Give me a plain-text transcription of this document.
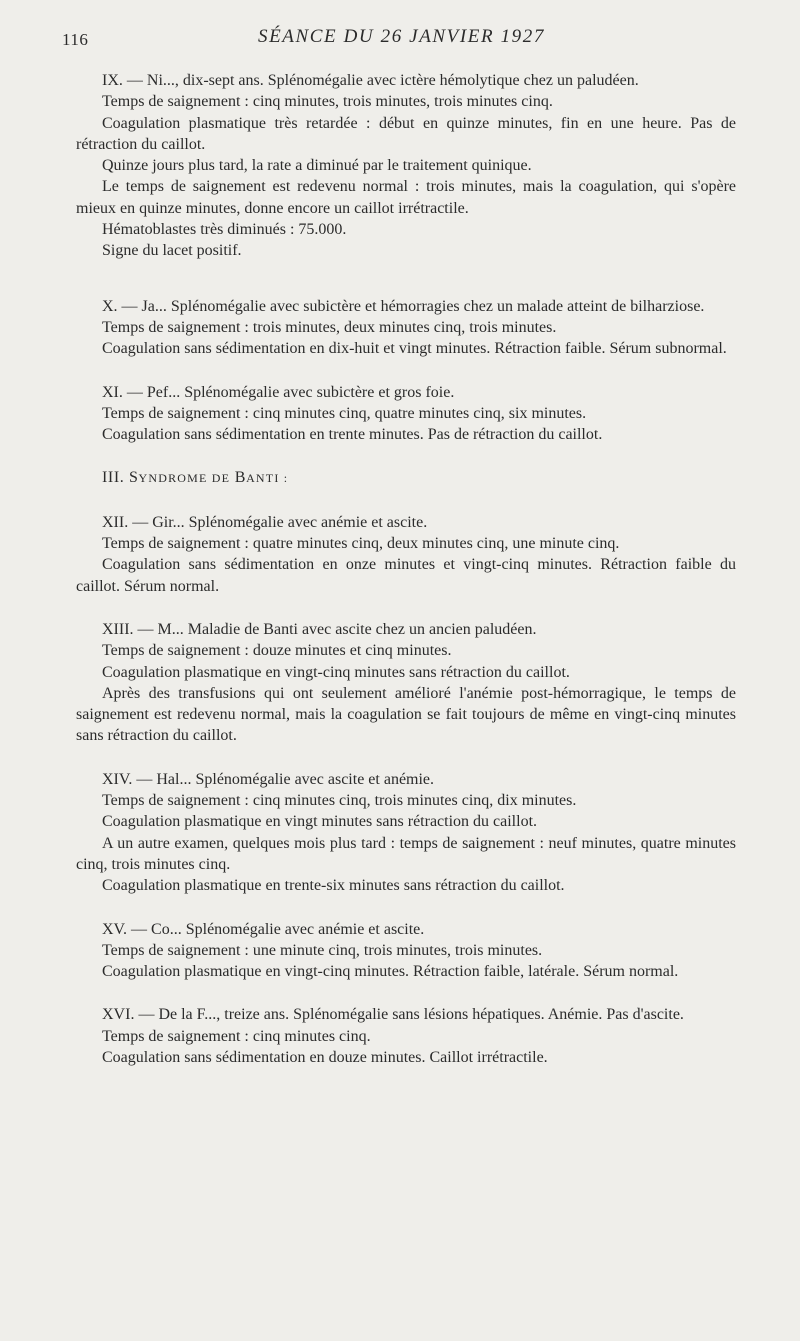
116	SÉANCE DU 26 JANVIER 1927

IX. — Ni..., dix-sept ans. Splénomégalie avec ictère hémolytique chez un paludéen.

Temps de saignement : cinq minutes, trois minutes, trois minutes cinq.

Coagulation plasmatique très retardée : début en quinze minutes, fin en une heure. Pas de rétraction du caillot.

Quinze jours plus tard, la rate a diminué par le traitement quinique.

Le temps de saignement est redevenu normal : trois minutes, mais la coagulation, qui s'opère mieux en quinze minutes, donne encore un caillot irrétractile.

Hématoblastes très diminués : 75.000.

Signe du lacet positif.

X. — Ja... Splénomégalie avec subictère et hémorragies chez un malade atteint de bilharziose.

Temps de saignement : trois minutes, deux minutes cinq, trois minutes.

Coagulation sans sédimentation en dix-huit et vingt minutes. Rétraction faible. Sérum subnormal.

XI. — Pef... Splénomégalie avec subictère et gros foie.

Temps de saignement : cinq minutes cinq, quatre minutes cinq, six minutes.

Coagulation sans sédimentation en trente minutes. Pas de rétraction du caillot.

III. SYNDROME DE BANTI :

XII. — Gir... Splénomégalie avec anémie et ascite.

Temps de saignement : quatre minutes cinq, deux minutes cinq, une minute cinq.

Coagulation sans sédimentation en onze minutes et vingt-cinq minutes. Rétraction faible du caillot. Sérum normal.

XIII. — M... Maladie de Banti avec ascite chez un ancien paludéen.

Temps de saignement : douze minutes et cinq minutes.

Coagulation plasmatique en vingt-cinq minutes sans rétraction du caillot.

Après des transfusions qui ont seulement amélioré l'anémie post-hémorragique, le temps de saignement est redevenu normal, mais la coagulation se fait toujours de même en vingt-cinq minutes sans rétraction du caillot.

XIV. — Hal... Splénomégalie avec ascite et anémie.

Temps de saignement : cinq minutes cinq, trois minutes cinq, dix minutes.

Coagulation plasmatique en vingt minutes sans rétraction du caillot.

A un autre examen, quelques mois plus tard : temps de saignement : neuf minutes, quatre minutes cinq, trois minutes cinq.

Coagulation plasmatique en trente-six minutes sans rétraction du caillot.

XV. — Co... Splénomégalie avec anémie et ascite.

Temps de saignement : une minute cinq, trois minutes, trois minutes.

Coagulation plasmatique en vingt-cinq minutes. Rétraction faible, latérale. Sérum normal.

XVI. — De la F..., treize ans. Splénomégalie sans lésions hépatiques. Anémie. Pas d'ascite.

Temps de saignement : cinq minutes cinq.

Coagulation sans sédimentation en douze minutes. Caillot irrétractile.
